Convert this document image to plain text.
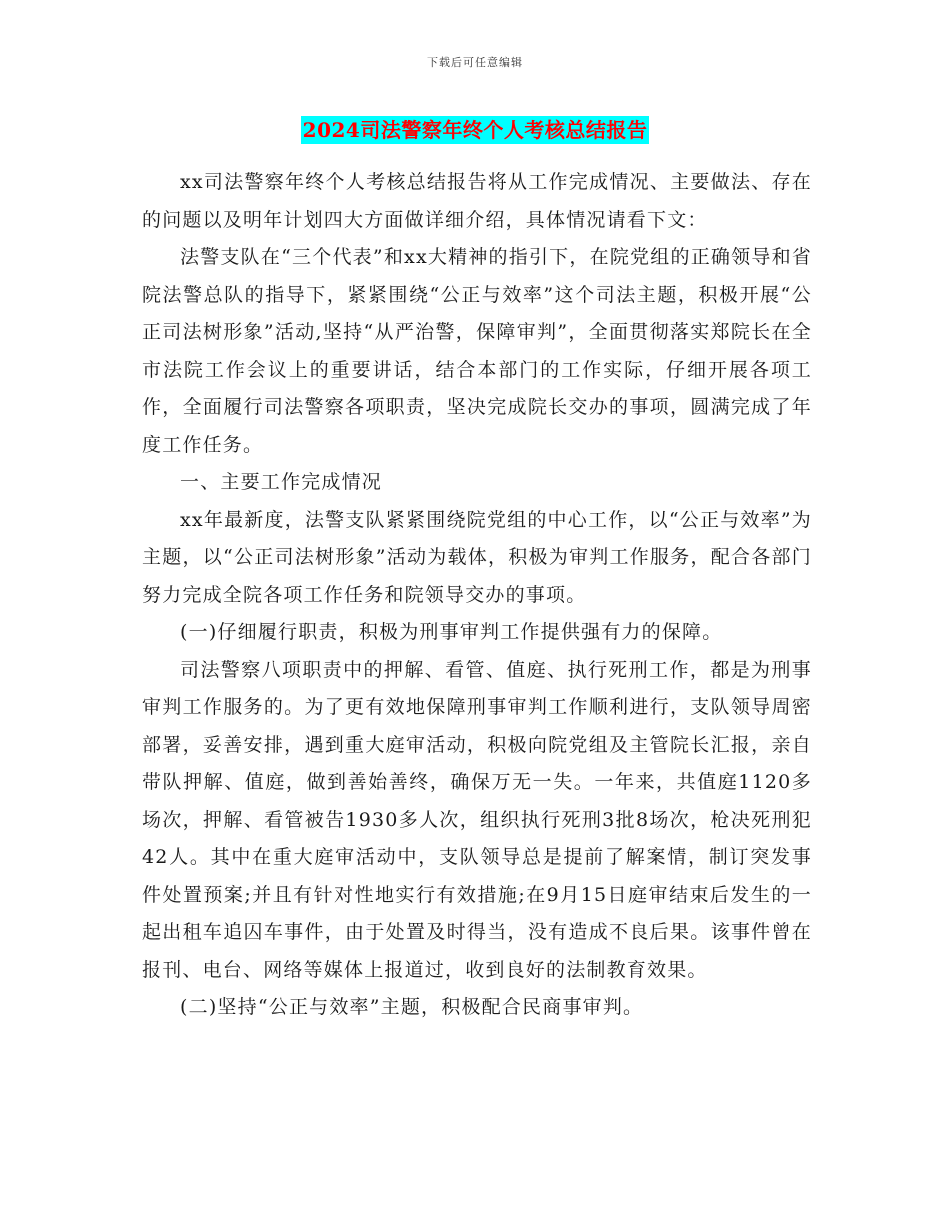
下载后可任意编辑
2024司法警察年终个人考核总结报告

xx司法警察年终个人考核总结报告将从工作完成情况、主要做法、存在的问题以及明年计划四大方面做详细介绍，具体情况请看下文：

法警支队在“三个代表”和xx大精神的指引下，在院党组的正确领导和省院法警总队的指导下，紧紧围绕“公正与效率”这个司法主题，积极开展“公正司法树形象”活动,坚持“从严治警，保障审判”，全面贯彻落实郑院长在全市法院工作会议上的重要讲话，结合本部门的工作实际，仔细开展各项工作，全面履行司法警察各项职责，坚决完成院长交办的事项，圆满完成了年度工作任务。

一、主要工作完成情况

xx年最新度，法警支队紧紧围绕院党组的中心工作，以“公正与效率”为主题，以“公正司法树形象”活动为载体，积极为审判工作服务，配合各部门努力完成全院各项工作任务和院领导交办的事项。

(一)仔细履行职责，积极为刑事审判工作提供强有力的保障。

司法警察八项职责中的押解、看管、值庭、执行死刑工作，都是为刑事审判工作服务的。为了更有效地保障刑事审判工作顺利进行，支队领导周密部署，妥善安排，遇到重大庭审活动，积极向院党组及主管院长汇报，亲自带队押解、值庭，做到善始善终，确保万无一失。一年来，共值庭1120多场次，押解、看管被告1930多人次，组织执行死刑3批8场次，枪决死刑犯42人。其中在重大庭审活动中，支队领导总是提前了解案情，制订突发事件处置预案;并且有针对性地实行有效措施;在9月15日庭审结束后发生的一起出租车追囚车事件，由于处置及时得当，没有造成不良后果。该事件曾在报刊、电台、网络等媒体上报道过，收到良好的法制教育效果。

(二)坚持“公正与效率”主题，积极配合民商事审判。
